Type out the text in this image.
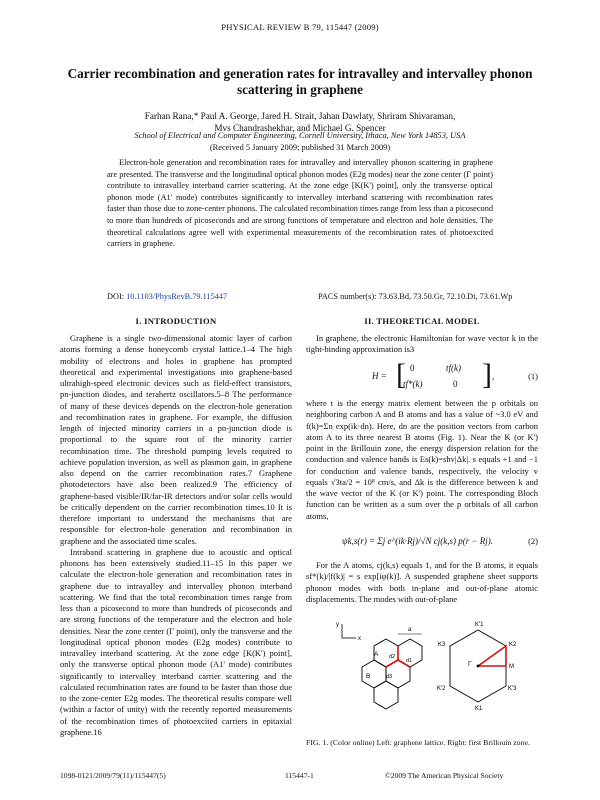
PHYSICAL REVIEW B 79, 115447 (2009)
Carrier recombination and generation rates for intravalley and intervalley phonon scattering in graphene
Farhan Rana,* Paul A. George, Jared H. Strait, Jahan Dawlaty, Shriram Shivaraman,
Mvs Chandrashekhar, and Michael G. Spencer
School of Electrical and Computer Engineering, Cornell University, Ithaca, New York 14853, USA
(Received 5 January 2009; published 31 March 2009)
Electron-hole generation and recombination rates for intravalley and intervalley phonon scattering in graphene are presented. The transverse and the longitudinal optical phonon modes (E2g modes) near the zone center (Γ point) contribute to intravalley interband carrier scattering. At the zone edge [K(K') point], only the transverse optical phonon mode (A1' mode) contributes significantly to intervalley interband scattering with recombination rates faster than those due to zone-center phonons. The calculated recombination times range from less than a picosecond to more than hundreds of picoseconds and are strong functions of temperature and electron and hole densities. The theoretical calculations agree well with experimental measurements of the recombination rates of photoexcited carriers in graphene.
DOI: 10.1103/PhysRevB.79.115447	PACS number(s): 73.63.Bd, 73.50.Gr, 72.10.Di, 73.61.Wp
I. INTRODUCTION

Graphene is a single two-dimensional atomic layer of carbon atoms forming a dense honeycomb crystal lattice.1–4 The high mobility of electrons and holes in graphene has prompted theoretical and experimental investigations into graphene-based ultrahigh-speed electronic devices such as field-effect transistors, pn-junction diodes, and terahertz oscillators.5–8 The performance of many of these devices depends on the electron-hole generation and recombination rates in graphene. For example, the diffusion length of injected minority carriers in a pn-junction diode is proportional to the square root of the minority carrier recombination time. The threshold pumping levels required to achieve population inversion, as well as plasmon gain, in graphene also depend on the carrier recombination rates.7 Graphene photodetectors have also been realized.9 The efficiency of graphene-based visible/IR/far-IR detectors and/or solar cells would be critically dependent on the carrier recombination times.10 It is therefore important to understand the mechanisms that are responsible for electron-hole generation and recombination in graphene and the associated time scales.

Intraband scattering in graphene due to acoustic and optical phonons has been extensively studied.11–15 In this paper we calculate the electron-hole generation and recombination rates in graphene due to intravalley and intervalley phonon interband scattering. We find that the total recombination times range from less than a picosecond to more than hundreds of picoseconds and are strong functions of the temperature and the electron and hole densities. Near the zone center (Γ point), only the transverse and the longitudinal optical phonon modes (E2g modes) contribute to intravalley interband scattering. At the zone edge [K(K') point], only the transverse optical phonon mode (A1' mode) contributes significantly to intervalley interband carrier scattering and the calculated recombination rates are found to be faster than those due to the zone-center E2g modes. The theoretical results compare well (within a factor of unity) with the recently reported measurements of the recombination times of photoexcited carriers in epitaxial graphene.16

II. THEORETICAL MODEL

In graphene, the electronic Hamiltonian for wave vector k in the tight-binding approximation is3

H = [ 0	tf(k)
tf*(k)	0 ] ,	(1)

where t is the energy matrix element between the p orbitals on neighboring carbon A and B atoms and has a value of ~3.0 eV and f(k)=Σn exp(ik·dn). Here, dn are the position vectors from carbon atom A to its three nearest B atoms (Fig. 1). Near the K (or K') point in the Brillouin zone, the energy dispersion relation for the conduction and valence bands is Es(k)=sħv|Δk|. s equals +1 and −1 for conduction and valence bands, respectively, the velocity v equals √3ta/2 = 10⁸ cm/s, and Δk is the difference between k and the wave vector of the K (or K') point. The corresponding Bloch function can be written as a sum over the p orbitals of all carbon atoms,

ψk,s(r) = Σj e^(ik·Rj)/√N cj(k,s) p(r − Rj).	(2)

For the A atoms, cj(k,s) equals 1, and for the B atoms, it equals sf*(k)/|f(k)| = s exp[iφ(k)]. A suspended graphene sheet supports phonon modes with both in-plane and out-of-plane atomic displacements. The modes with out-of-plane

y
x
a
A
B
d2
d1
d3
K'1
K2
K3
K'2	K'3
K1
Γ	M
FIG. 1. (Color online) Left: graphene lattice. Right: first Brillouin zone.
1098-0121/2009/79(11)/115447(5)	115447-1	©2009 The American Physical Society
